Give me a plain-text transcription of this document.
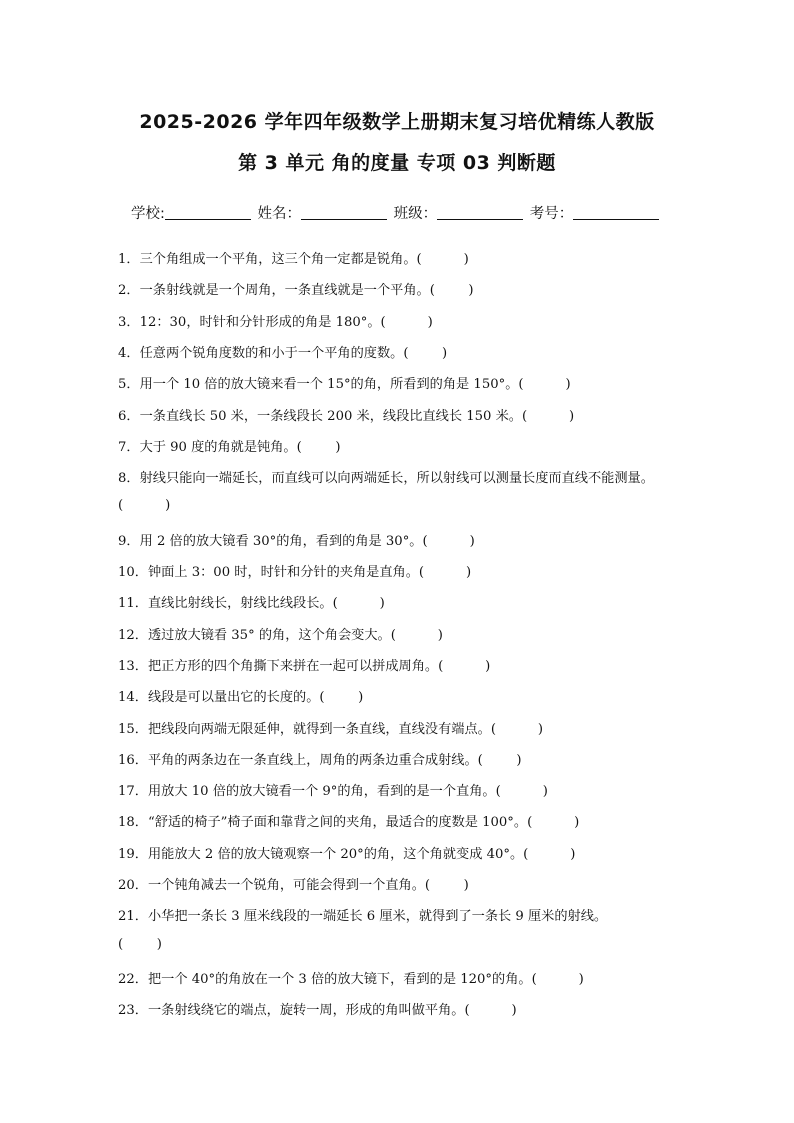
2025-2026 学年四年级数学上册期末复习培优精练人教版
第 3 单元 角的度量 专项 03 判断题
学校:	姓名：	班级：	考号：
1．三个角组成一个平角，这三个角一定都是锐角。(	)
2．一条射线就是一个周角，一条直线就是一个平角。(	)
3．12：30，时针和分针形成的角是 180°。(	)
4．任意两个锐角度数的和小于一个平角的度数。(	)
5．用一个 10 倍的放大镜来看一个 15°的角，所看到的角是 150°。(	)
6．一条直线长 50 米，一条线段长 200 米，线段比直线长 150 米。(	)
7．大于 90 度的角就是钝角。(	)
8．射线只能向一端延长，而直线可以向两端延长，所以射线可以测量长度而直线不能测量。
(	)
9．用 2 倍的放大镜看 30°的角，看到的角是 30°。(	)
10．钟面上 3：00 时，时针和分针的夹角是直角。(	)
11．直线比射线长，射线比线段长。(	)
12．透过放大镜看 35° 的角，这个角会变大。(	)
13．把正方形的四个角撕下来拼在一起可以拼成周角。(	)
14．线段是可以量出它的长度的。(	)
15．把线段向两端无限延伸，就得到一条直线，直线没有端点。(	)
16．平角的两条边在一条直线上，周角的两条边重合成射线。(	)
17．用放大 10 倍的放大镜看一个 9°的角，看到的是一个直角。(	)
18．“舒适的椅子”椅子面和靠背之间的夹角，最适合的度数是 100°。(	)
19．用能放大 2 倍的放大镜观察一个 20°的角，这个角就变成 40°。(	)
20．一个钝角减去一个锐角，可能会得到一个直角。(	)
21．小华把一条长 3 厘米线段的一端延长 6 厘米，就得到了一条长 9 厘米的射线。
(	)
22．把一个 40°的角放在一个 3 倍的放大镜下，看到的是 120°的角。(	)
23．一条射线绕它的端点，旋转一周，形成的角叫做平角。(	)
